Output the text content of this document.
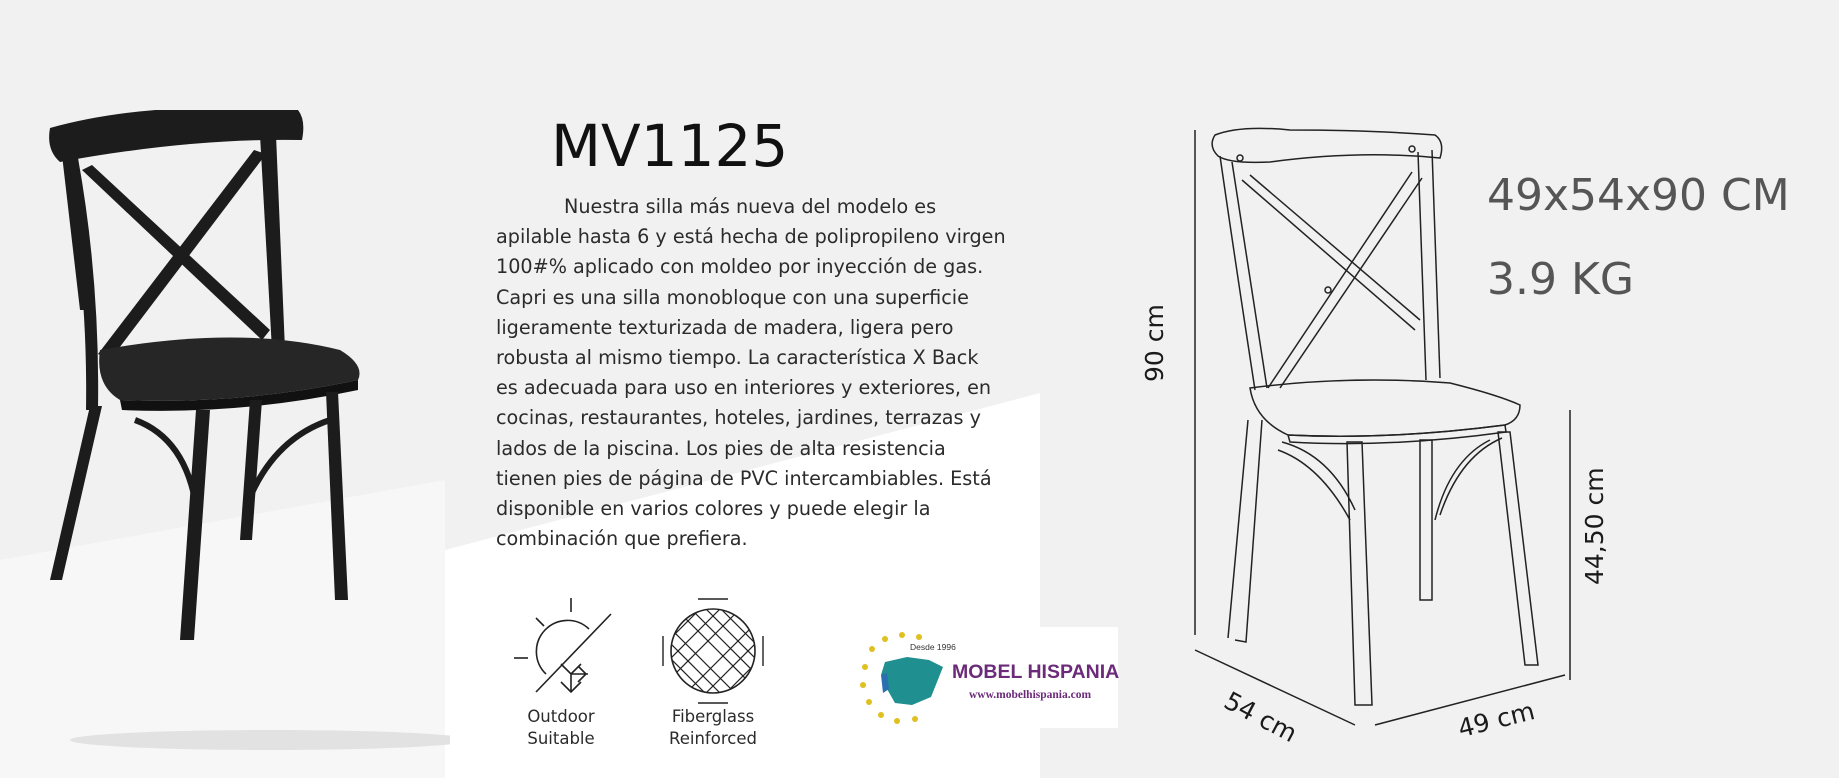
MV1125
Nuestra silla más nueva del modelo es
apilable hasta 6 y está hecha de polipropileno virgen
100#% aplicado con moldeo por inyección de gas.
Capri es una silla monobloque con una superficie
ligeramente texturizada de madera, ligera pero
robusta al mismo tiempo. La característica X Back
es adecuada para uso en interiores y exteriores, en
cocinas, restaurantes, hoteles, jardines, terrazas y
lados de la piscina. Los pies de alta resistencia
tienen pies de página de PVC intercambiables. Está
disponible en varios colores y puede elegir la
combinación que prefiera.
Outdoor
Suitable
Fiberglass
Reinforced
Desde 1996
MOBEL HISPANIA
www.mobelhispania.com
49x54x90 CM
3.9 KG
90 cm
44,50 cm
54 cm	49 cm
